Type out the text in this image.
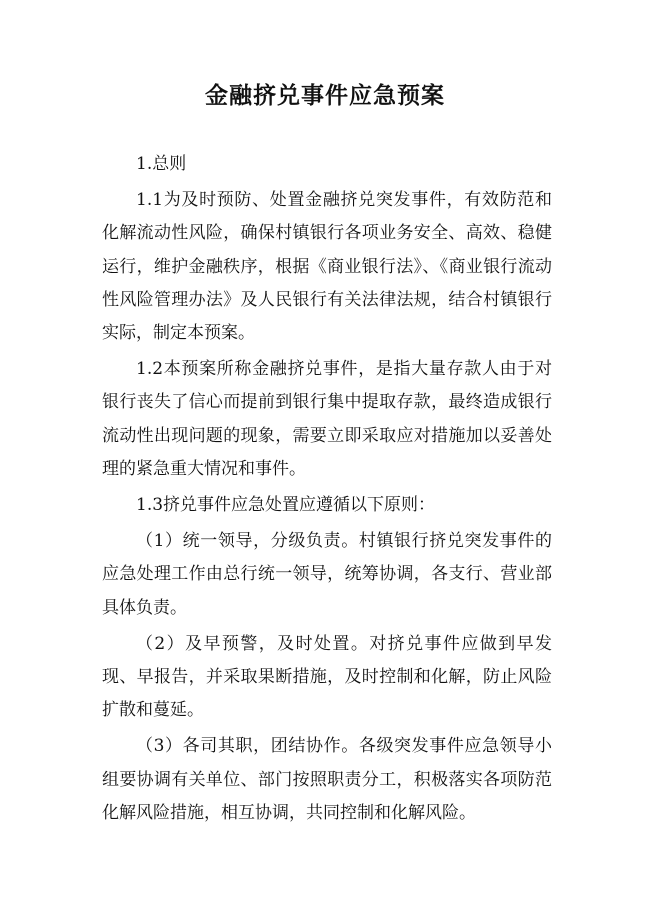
金融挤兑事件应急预案

1.总则

1.1为及时预防、处置金融挤兑突发事件，有效防范和化解流动性风险，确保村镇银行各项业务安全、高效、稳健运行，维护金融秩序，根据《商业银行法》、《商业银行流动性风险管理办法》及人民银行有关法律法规，结合村镇银行实际，制定本预案。

1.2本预案所称金融挤兑事件，是指大量存款人由于对银行丧失了信心而提前到银行集中提取存款，最终造成银行流动性出现问题的现象，需要立即采取应对措施加以妥善处理的紧急重大情况和事件。

1.3挤兑事件应急处置应遵循以下原则：

（1）统一领导，分级负责。村镇银行挤兑突发事件的应急处理工作由总行统一领导，统筹协调，各支行、营业部具体负责。

（2）及早预警，及时处置。对挤兑事件应做到早发现、早报告，并采取果断措施，及时控制和化解，防止风险扩散和蔓延。

（3）各司其职，团结协作。各级突发事件应急领导小组要协调有关单位、部门按照职责分工，积极落实各项防范化解风险措施，相互协调，共同控制和化解风险。
